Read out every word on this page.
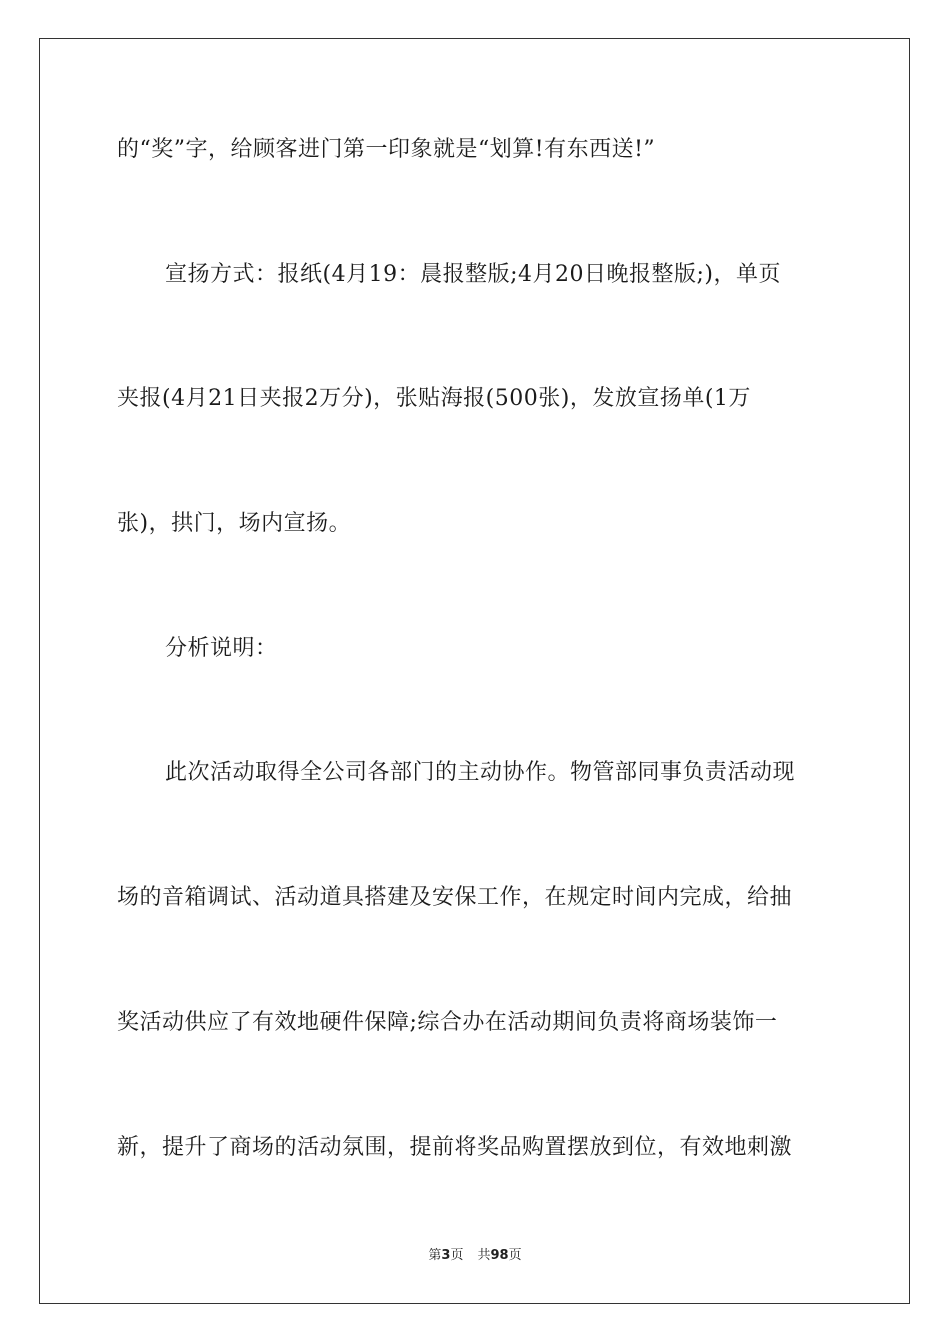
的“奖”字，给顾客进门第一印象就是“划算!有东西送!”
宣扬方式：报纸(4月19：晨报整版;4月20日晚报整版;)，单页
夹报(4月21日夹报2万分)，张贴海报(500张)，发放宣扬单(1万
张)，拱门，场内宣扬。
分析说明：
此次活动取得全公司各部门的主动协作。物管部同事负责活动现
场的音箱调试、活动道具搭建及安保工作，在规定时间内完成，给抽
奖活动供应了有效地硬件保障;综合办在活动期间负责将商场装饰一
新，提升了商场的活动氛围，提前将奖品购置摆放到位，有效地刺激
第3页 共98页
